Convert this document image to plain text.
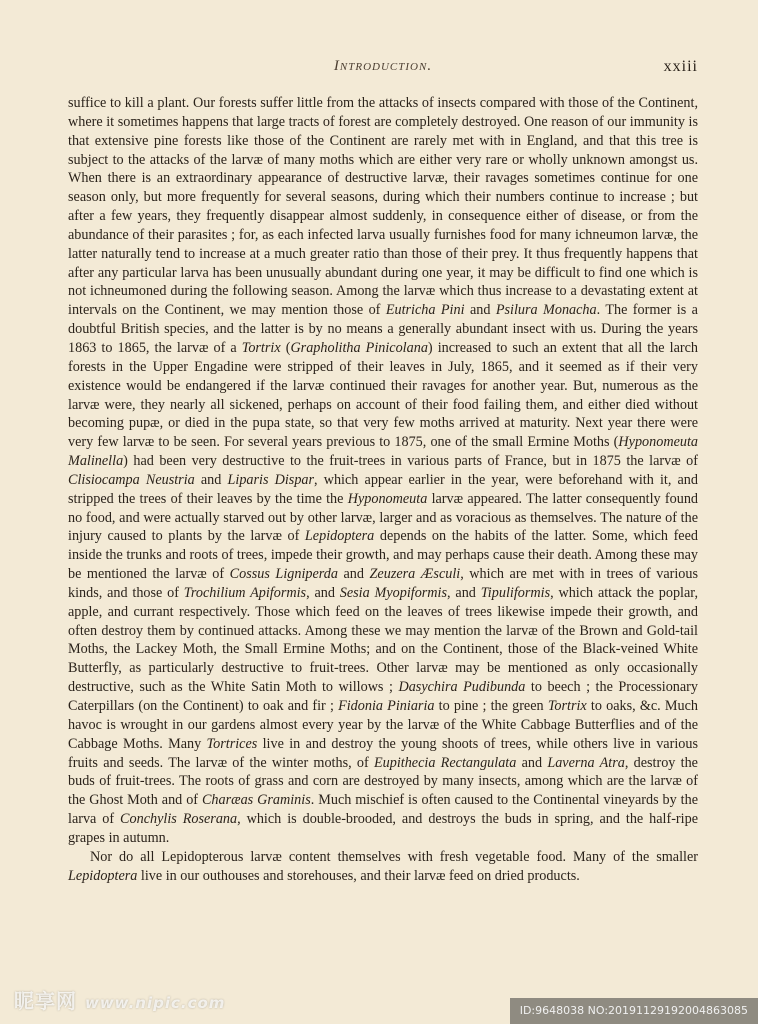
Introduction.	xxiii

suffice to kill a plant. Our forests suffer little from the attacks of insects compared with those of the Continent, where it sometimes happens that large tracts of forest are completely destroyed. One reason of our immunity is that extensive pine forests like those of the Continent are rarely met with in England, and that this tree is subject to the attacks of the larvæ of many moths which are either very rare or wholly unknown amongst us. When there is an extraordinary appearance of destructive larvæ, their ravages sometimes continue for one season only, but more frequently for several seasons, during which their numbers continue to increase ; but after a few years, they frequently disappear almost suddenly, in consequence either of disease, or from the abundance of their parasites ; for, as each infected larva usually furnishes food for many ichneumon larvæ, the latter naturally tend to increase at a much greater ratio than those of their prey. It thus frequently happens that after any particular larva has been unusually abundant during one year, it may be difficult to find one which is not ichneumoned during the following season. Among the larvæ which thus increase to a devastating extent at intervals on the Continent, we may mention those of Eutricha Pini and Psilura Monacha. The former is a doubtful British species, and the latter is by no means a generally abundant insect with us. During the years 1863 to 1865, the larvæ of a Tortrix (Grapholitha Pinicolana) increased to such an extent that all the larch forests in the Upper Engadine were stripped of their leaves in July, 1865, and it seemed as if their very existence would be endangered if the larvæ continued their ravages for another year. But, numerous as the larvæ were, they nearly all sickened, perhaps on account of their food failing them, and either died without becoming pupæ, or died in the pupa state, so that very few moths arrived at maturity. Next year there were very few larvæ to be seen. For several years previous to 1875, one of the small Ermine Moths (Hyponomeuta Malinella) had been very destructive to the fruit-trees in various parts of France, but in 1875 the larvæ of Clisiocampa Neustria and Liparis Dispar, which appear earlier in the year, were beforehand with it, and stripped the trees of their leaves by the time the Hyponomeuta larvæ appeared. The latter consequently found no food, and were actually starved out by other larvæ, larger and as voracious as themselves. The nature of the injury caused to plants by the larvæ of Lepidoptera depends on the habits of the latter. Some, which feed inside the trunks and roots of trees, impede their growth, and may perhaps cause their death. Among these may be mentioned the larvæ of Cossus Ligniperda and Zeuzera Æsculi, which are met with in trees of various kinds, and those of Trochilium Apiformis, and Sesia Myopiformis, and Tipuliformis, which attack the poplar, apple, and currant respectively. Those which feed on the leaves of trees likewise impede their growth, and often destroy them by continued attacks. Among these we may mention the larvæ of the Brown and Gold-tail Moths, the Lackey Moth, the Small Ermine Moths; and on the Continent, those of the Black-veined White Butterfly, as particularly destructive to fruit-trees. Other larvæ may be mentioned as only occasionally destructive, such as the White Satin Moth to willows ; Dasychira Pudibunda to beech ; the Processionary Caterpillars (on the Continent) to oak and fir ; Fidonia Piniaria to pine ; the green Tortrix to oaks, &c. Much havoc is wrought in our gardens almost every year by the larvæ of the White Cabbage Butterflies and of the Cabbage Moths. Many Tortrices live in and destroy the young shoots of trees, while others live in various fruits and seeds. The larvæ of the winter moths, of Eupithecia Rectangulata and Laverna Atra, destroy the buds of fruit-trees. The roots of grass and corn are destroyed by many insects, among which are the larvæ of the Ghost Moth and of Charæas Graminis. Much mischief is often caused to the Continental vineyards by the larva of Conchylis Roserana, which is double-brooded, and destroys the buds in spring, and the half-ripe grapes in autumn.

Nor do all Lepidopterous larvæ content themselves with fresh vegetable food. Many of the smaller Lepidoptera live in our outhouses and storehouses, and their larvæ feed on dried products.

昵享网 www.nipic.com	ID:9648038 NO:20191129192004863085
